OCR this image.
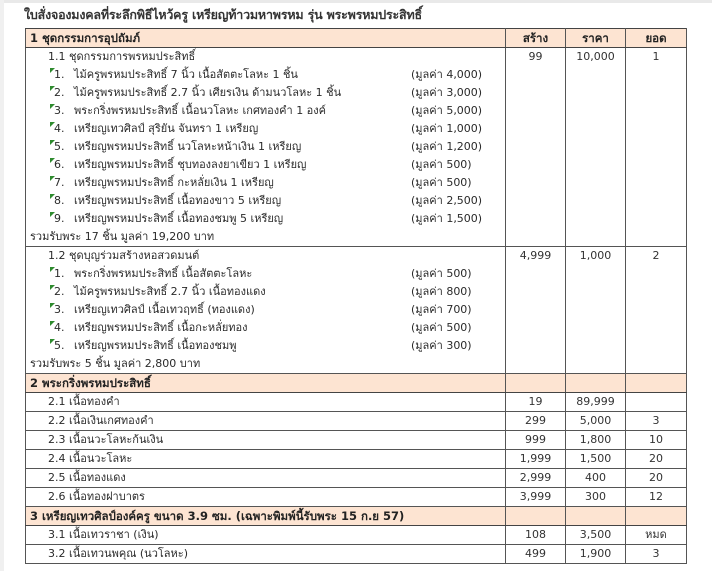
ใบสั่งจองมงคลที่ระลึกพิธีไหว้ครู เหรียญท้าวมหาพรหม รุ่น พระพรหมประสิทธิ์
1 ชุดกรรมการอุปถัมภ์	สร้าง	ราคา	ยอด
1.1 ชุดกรรมการพรหมประสิทธิ์	99	10,000	1

1. ไม้ครูพรหมประสิทธิ์ 7 นิ้ว เนื้อสัตตะโลหะ 1 ชิ้น (มูลค่า 4,000)			

2. ไม้ครูพรหมประสิทธิ์ 2.7 นิ้ว เศียรเงิน ด้ามนวโลหะ 1 ชิ้น (มูลค่า 3,000)			

3. พระกริ่งพรหมประสิทธิ์ เนื้อนวโลหะ เกศทองคำ 1 องค์ (มูลค่า 5,000)			

4. เหรียญเทวศิลป์ สุริยัน จันทรา 1 เหรียญ (มูลค่า 1,000)			

5. เหรียญพรหมประสิทธิ์ นวโลหะหน้าเงิน 1 เหรียญ (มูลค่า 1,200)			

6. เหรียญพรหมประสิทธิ์ ชุบทองลงยาเขียว 1 เหรียญ (มูลค่า 500)			

7. เหรียญพรหมประสิทธิ์ กะหลั่ยเงิน 1 เหรียญ (มูลค่า 500)			

8. เหรียญพรหมประสิทธิ์ เนื้อทองขาว 5 เหรียญ (มูลค่า 2,500)			

9. เหรียญพรหมประสิทธิ์ เนื้อทองชมพู 5 เหรียญ (มูลค่า 1,500)			

รวมรับพระ 17 ชิ้น มูลค่า 19,200 บาท			
1.2 ชุดบุญร่วมสร้างหอสวดมนต์	4,999	1,000	2

1. พระกริ่งพรหมประสิทธิ์ เนื้อสัตตะโลหะ (มูลค่า 500)			

2. ไม้ครูพรหมประสิทธิ์ 2.7 นิ้ว เนื้อทองแดง (มูลค่า 800)			

3. เหรียญเทวศิลป์ เนื้อเทวฤทธิ์ (ทองแดง) (มูลค่า 700)			

4. เหรียญพรหมประสิทธิ์ เนื้อกะหลั่ยทอง (มูลค่า 500)			

5. เหรียญพรหมประสิทธิ์ เนื้อทองชมพู (มูลค่า 300)			

รวมรับพระ 5 ชิ้น มูลค่า 2,800 บาท			
2 พระกริ่งพรหมประสิทธิ์			
2.1 เนื้อทองคำ	19	89,999	
2.2 เนื้อเงินเกศทองคำ	299	5,000	3
2.3 เนื้อนวะโลหะก้นเงิน	999	1,800	10
2.4 เนื้อนวะโลหะ	1,999	1,500	20
2.5 เนื้อทองแดง	2,999	400	20
2.6 เนื้อทองฝาบาตร	3,999	300	12
3 เหรียญเทวศิลป์องค์ครู ขนาด 3.9 ซม. (เฉพาะพิมพ์นี้รับพระ 15 ก.ย 57)			
3.1 เนื้อเทวราชา (เงิน)	108	3,500	หมด
3.2 เนื้อเทวนพคุณ (นวโลหะ)	499	1,900	3
